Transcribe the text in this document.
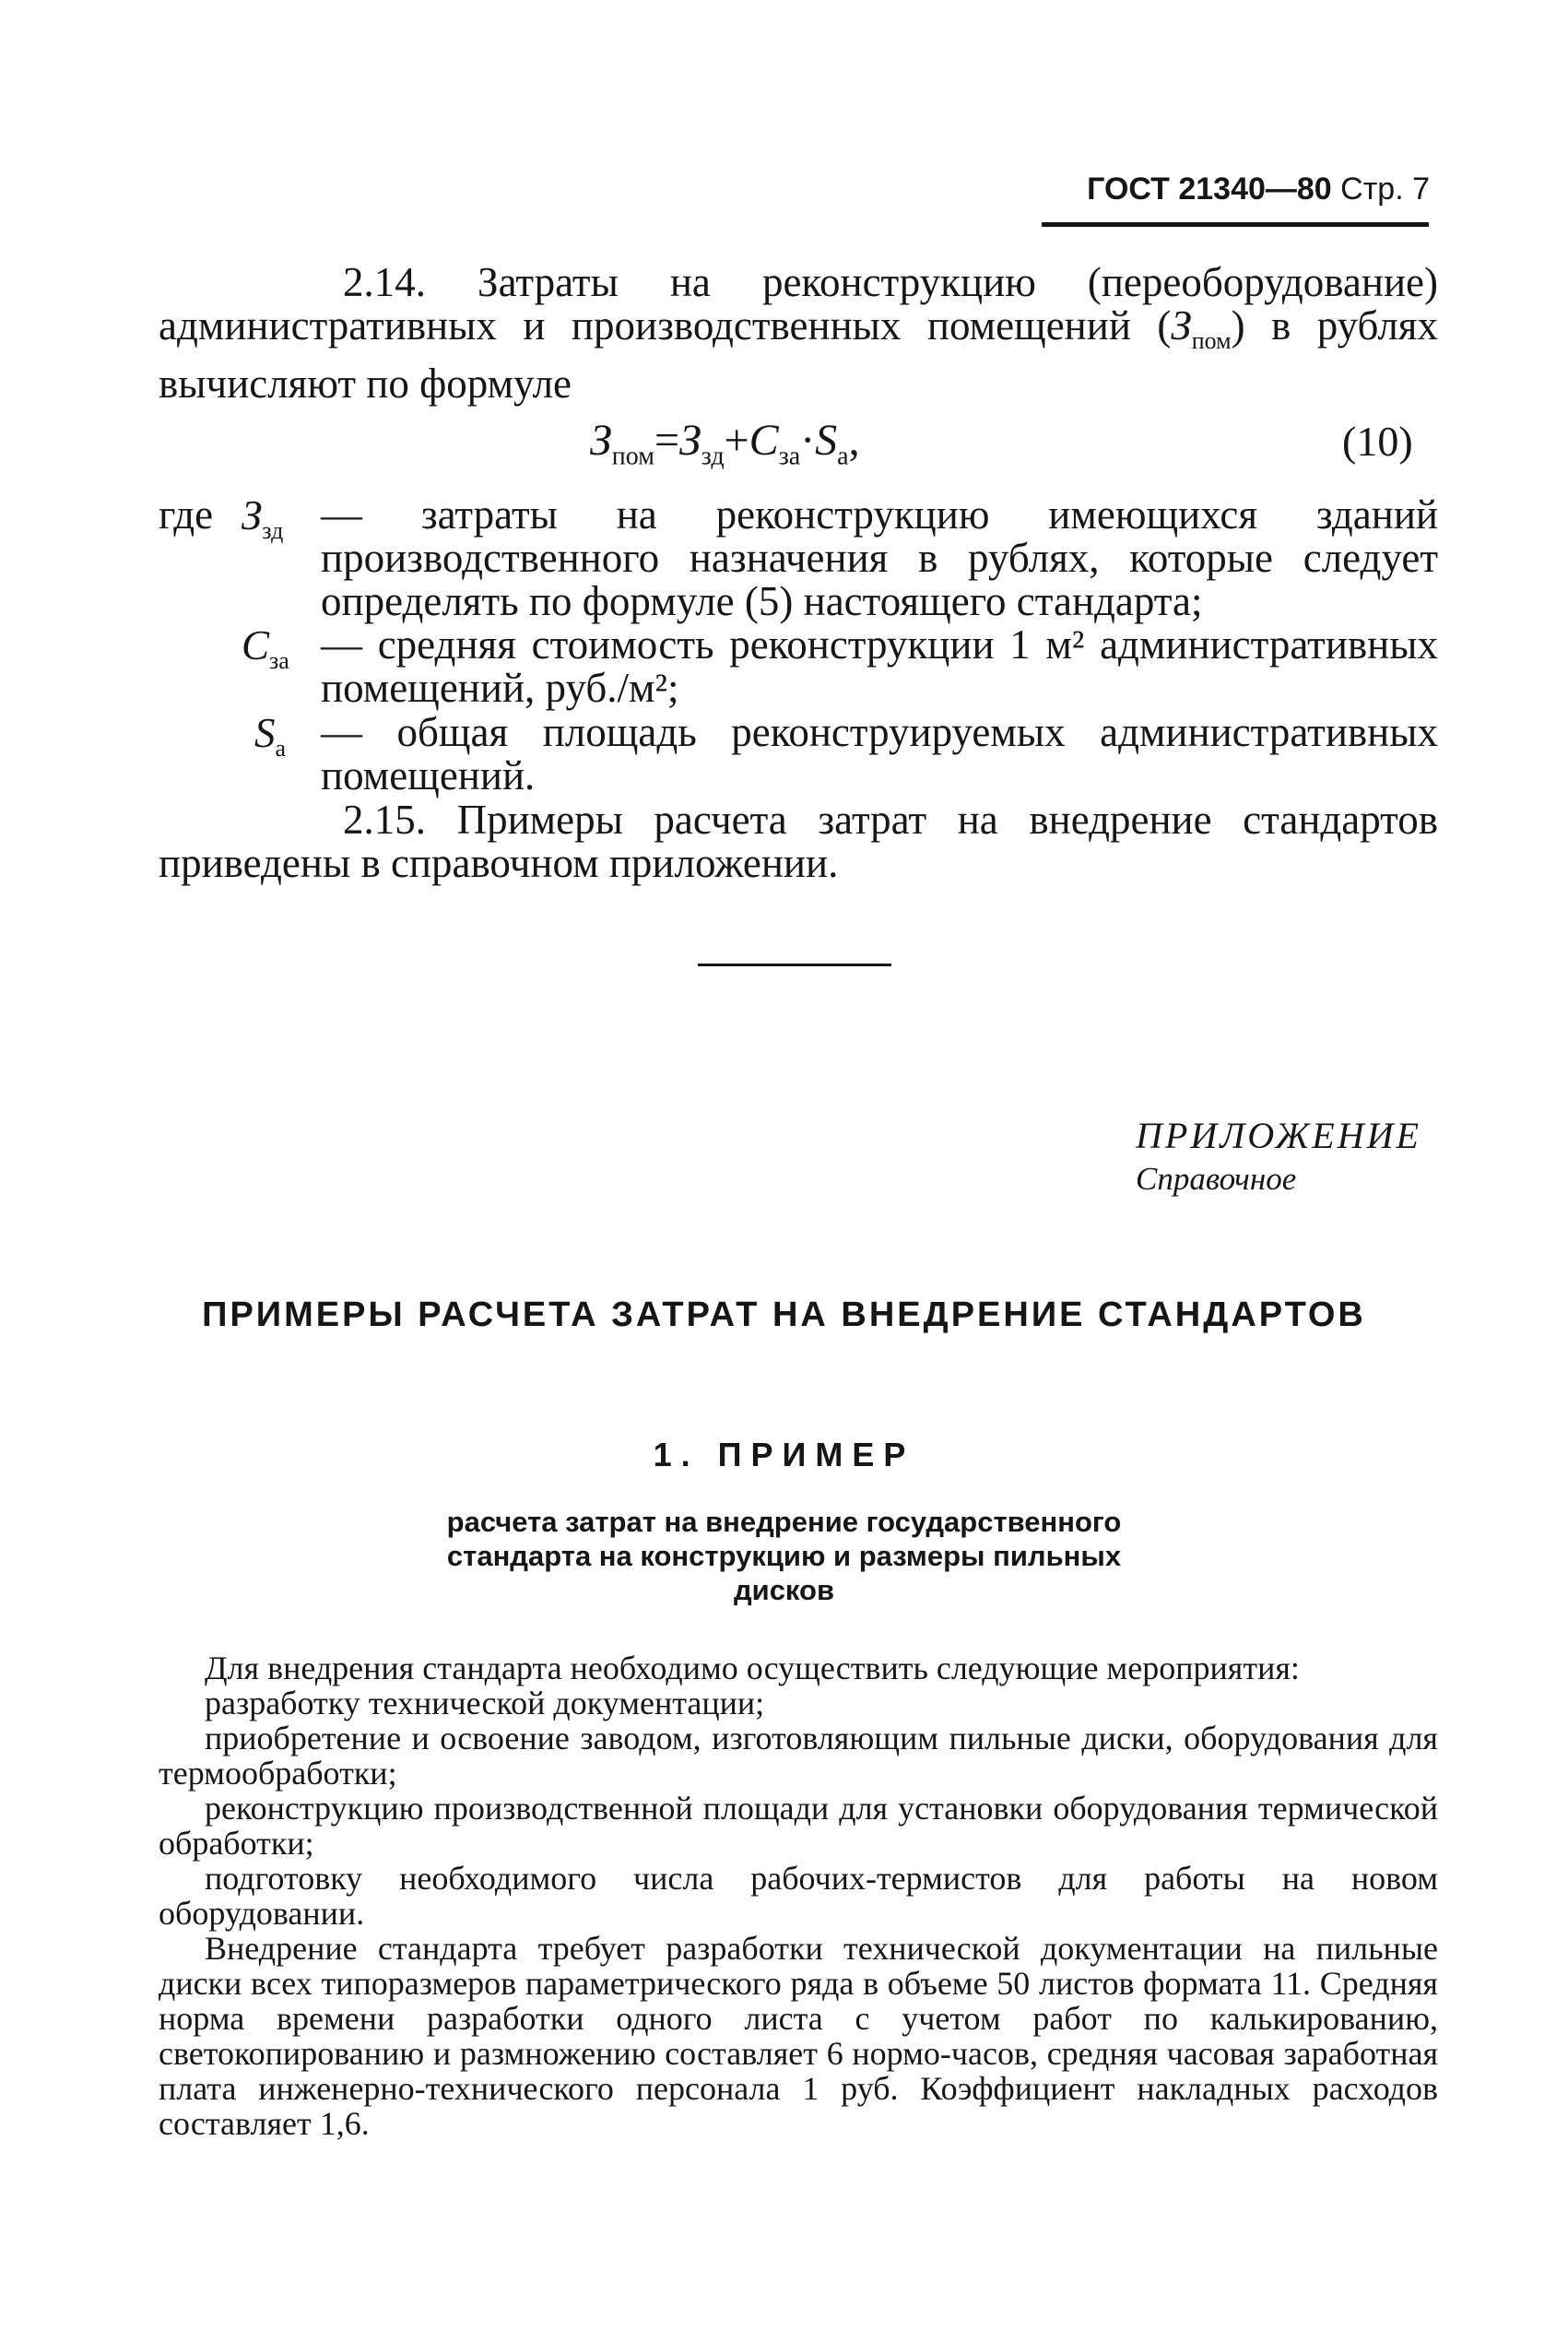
ГОСТ 21340—80 Стр. 7
2.14. Затраты на реконструкцию (переоборудование) административных и производственных помещений $(З_{пом})$ в рублях вычисляют по формуле
$З_{пом}=З_{зд}+C_{за}\cdot S_а$,	(10)
где $З_{зд}$ — затраты на реконструкцию имеющихся зданий производственного назначения в рублях, которые следует определять по формуле (5) настоящего стандарта;
$C_{за}$ — средняя стоимость реконструкции 1 м² административных помещений, руб./м²;
$S_а$ — общая площадь реконструируемых административных помещений.
2.15. Примеры расчета затрат на внедрение стандартов приведены в справочном приложении.
ПРИЛОЖЕНИЕ
Справочное
ПРИМЕРЫ РАСЧЕТА ЗАТРАТ НА ВНЕДРЕНИЕ СТАНДАРТОВ
1. ПРИМЕР
расчета затрат на внедрение государственного
стандарта на конструкцию и размеры пильных
дисков

Для внедрения стандарта необходимо осуществить следующие мероприятия:

разработку технической документации;

приобретение и освоение заводом, изготовляющим пильные диски, оборудования для термообработки;

реконструкцию производственной площади для установки оборудования термической обработки;

подготовку необходимого числа рабочих-термистов для работы на новом оборудовании.

Внедрение стандарта требует разработки технической документации на пильные диски всех типоразмеров параметрического ряда в объеме 50 листов формата 11. Средняя норма времени разработки одного листа с учетом работ по калькированию, светокопированию и размножению составляет 6 нормо-часов, средняя часовая заработная плата инженерно-технического персонала 1 руб. Коэффициент накладных расходов составляет 1,6.
